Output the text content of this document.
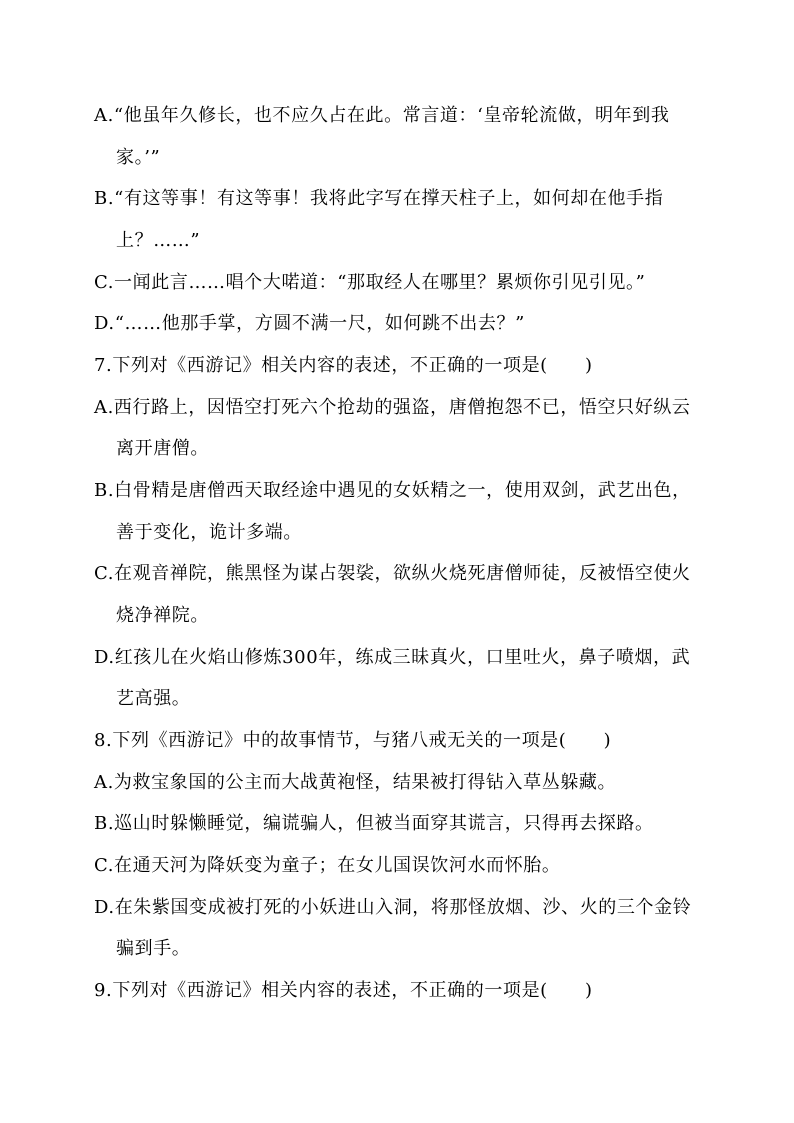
A.“他虽年久修长，也不应久占在此。常言道：‘皇帝轮流做，明年到我
家。’”
B.“有这等事！有这等事！我将此字写在撑天柱子上，如何却在他手指
上？……”
C.一闻此言……唱个大喏道：“那取经人在哪里？累烦你引见引见。”
D.“……他那手掌，方圆不满一尺，如何跳不出去？”
7.下列对《西游记》相关内容的表述，不正确的一项是(　　)
A.西行路上，因悟空打死六个抢劫的强盗，唐僧抱怨不已，悟空只好纵云
离开唐僧。
B.白骨精是唐僧西天取经途中遇见的女妖精之一，使用双剑，武艺出色，
善于变化，诡计多端。
C.在观音禅院，熊黑怪为谋占袈裟，欲纵火烧死唐僧师徒，反被悟空使火
烧净禅院。
D.红孩儿在火焰山修炼300年，练成三昧真火，口里吐火，鼻子喷烟，武
艺高强。
8.下列《西游记》中的故事情节，与猪八戒无关的一项是(　　)
A.为救宝象国的公主而大战黄袍怪，结果被打得钻入草丛躲藏。
B.巡山时躲懒睡觉，编谎骗人，但被当面穿其谎言，只得再去探路。
C.在通天河为降妖变为童子；在女儿国误饮河水而怀胎。
D.在朱紫国变成被打死的小妖进山入洞，将那怪放烟、沙、火的三个金铃
骗到手。
9.下列对《西游记》相关内容的表述，不正确的一项是(　　)
